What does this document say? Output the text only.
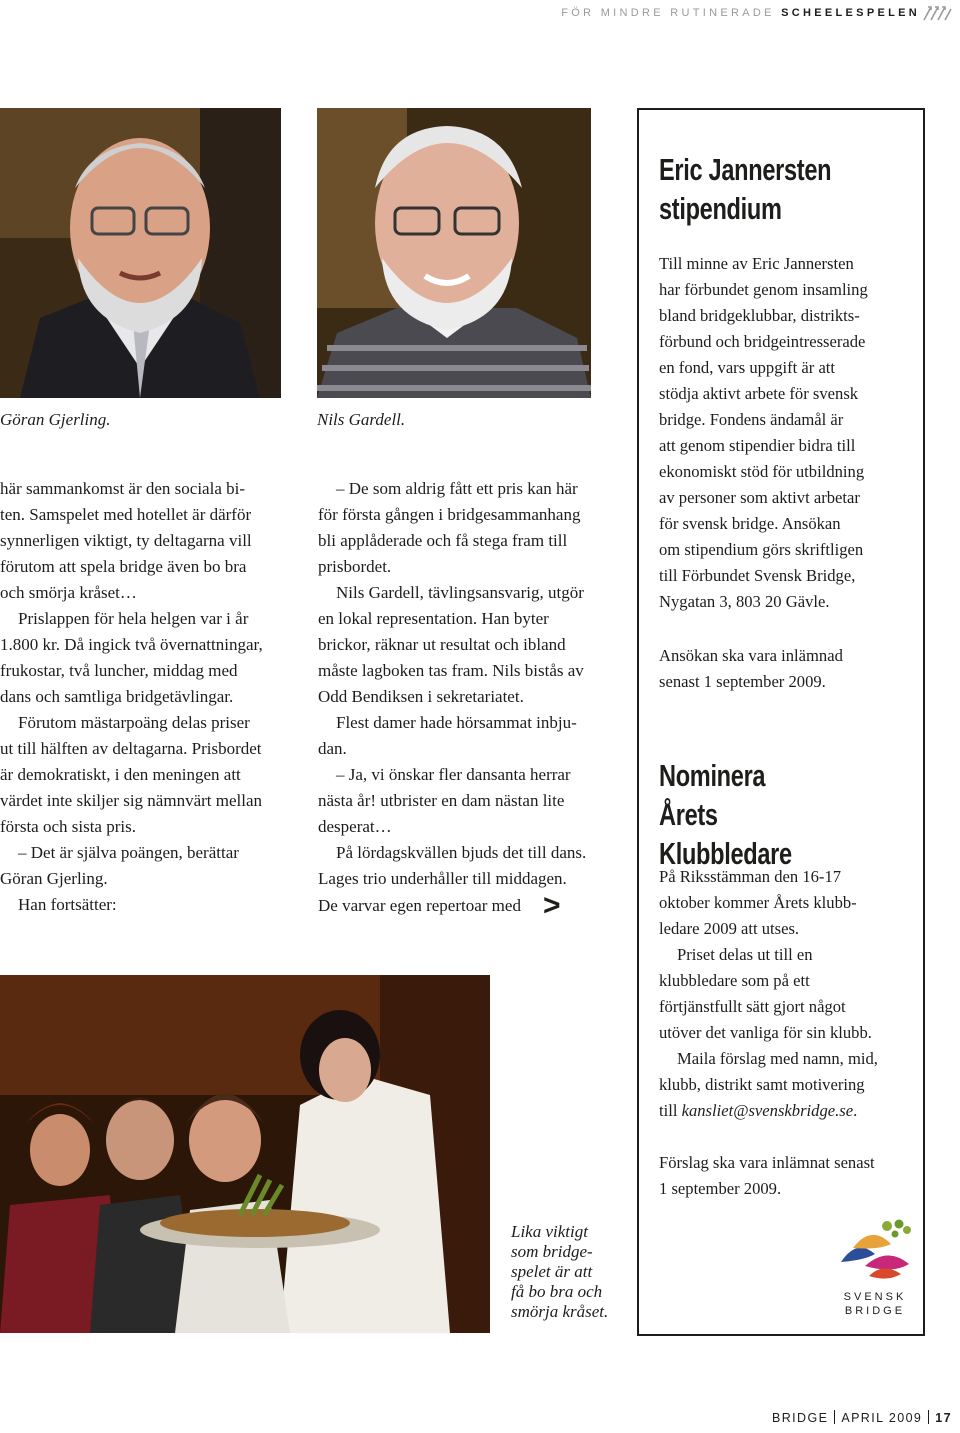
FÖR MINDRE RUTINERADE SCHEELESPELEN
Göran Gjerling.	Nils Gardell.

här sammankomst är den sociala bi-

ten. Samspelet med hotellet är därför

synnerligen viktigt, ty deltagarna vill

förutom att spela bridge även bo bra

och smörja kråset…

Prislappen för hela helgen var i år

1.800 kr. Då ingick två övernattningar,

frukostar, två luncher, middag med

dans och samtliga bridgetävlingar.

Förutom mästarpoäng delas priser

ut till hälften av deltagarna. Prisbordet

är demokratiskt, i den meningen att

värdet inte skiljer sig nämnvärt mellan

första och sista pris.

– Det är själva poängen, berättar

Göran Gjerling.

Han fortsätter:

– De som aldrig fått ett pris kan här

för första gången i bridgesammanhang

bli applåderade och få stega fram till

prisbordet.

Nils Gardell, tävlingsansvarig, utgör

en lokal representation. Han byter

brickor, räknar ut resultat och ibland

måste lagboken tas fram. Nils bistås av

Odd Bendiksen i sekretariatet.

Flest damer hade hörsammat inbju-

dan.

– Ja, vi önskar fler dansanta herrar

nästa år! utbrister en dam nästan lite

desperat…

På lördagskvällen bjuds det till dans.

Lages trio underhåller till middagen.

De varvar egen repertoar med >

Lika viktigt
som bridge-
spelet är att
få bo bra och
smörja kråset.
Eric Jannersten
stipendium
Till minne av Eric Jannersten
har förbundet genom insamling
bland bridgeklubbar, distrikts-
förbund och bridgeintresserade
en fond, vars uppgift är att
stödja aktivt arbete för svensk
bridge. Fondens ändamål är
att genom stipendier bidra till
ekonomiskt stöd för utbildning
av personer som aktivt arbetar
för svensk bridge. Ansökan
om stipendium görs skriftligen
till Förbundet Svensk Bridge,
Nygatan 3, 803 20 Gävle.
Ansökan ska vara inlämnad
senast 1 september 2009.
Nominera
Årets Klubbledare
På Riksstämman den 16-17
oktober kommer Årets klubb-
ledare 2009 att utses.
Priset delas ut till en
klubbledare som på ett
förtjänstfullt sätt gjort något
utöver det vanliga för sin klubb.
Maila förslag med namn, mid,
klubb, distrikt samt motivering
till kansliet@svenskbridge.se.
Förslag ska vara inlämnat senast
1 september 2009.
SVENSK
BRIDGE
BRIDGE APRIL 2009 17
